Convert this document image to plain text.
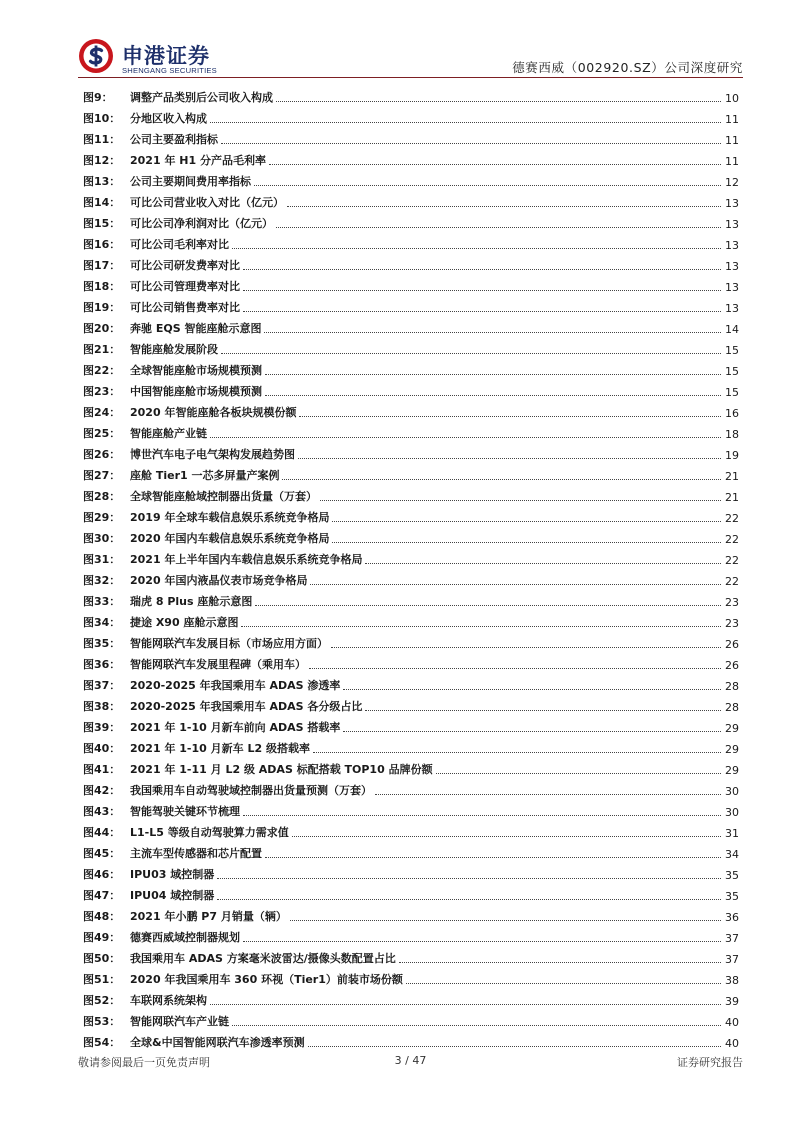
申港证券
SHENGANG SECURITIES	德赛西威（002920.SZ）公司深度研究
图9：	调整产品类别后公司收入构成	10
图10： 分地区收入构成	11
图11： 公司主要盈利指标	11
图12： 2021 年 H1 分产品毛利率	11
图13： 公司主要期间费用率指标	12
图14： 可比公司营业收入对比（亿元）	13
图15： 可比公司净利润对比（亿元）	13
图16： 可比公司毛利率对比	13
图17： 可比公司研发费率对比	13
图18： 可比公司管理费率对比	13
图19： 可比公司销售费率对比	13
图20： 奔驰 EQS 智能座舱示意图	14
图21： 智能座舱发展阶段	15
图22： 全球智能座舱市场规模预测	15
图23： 中国智能座舱市场规模预测	15
图24： 2020 年智能座舱各板块规模份额	16
图25： 智能座舱产业链	18
图26： 博世汽车电子电气架构发展趋势图	19
图27： 座舱 Tier1 一芯多屏量产案例	21
图28： 全球智能座舱域控制器出货量（万套）	21
图29： 2019 年全球车载信息娱乐系统竞争格局	22
图30： 2020 年国内车载信息娱乐系统竞争格局	22
图31： 2021 年上半年国内车载信息娱乐系统竞争格局	22
图32： 2020 年国内液晶仪表市场竞争格局	22
图33： 瑞虎 8 Plus 座舱示意图	23
图34： 捷途 X90 座舱示意图	23
图35： 智能网联汽车发展目标（市场应用方面）	26
图36： 智能网联汽车发展里程碑（乘用车）	26
图37： 2020-2025 年我国乘用车 ADAS 渗透率	28
图38： 2020-2025 年我国乘用车 ADAS 各分级占比	28
图39： 2021 年 1-10 月新车前向 ADAS 搭载率	29
图40： 2021 年 1-10 月新车 L2 级搭载率	29
图41： 2021 年 1-11 月 L2 级 ADAS 标配搭载 TOP10 品牌份额	29
图42： 我国乘用车自动驾驶域控制器出货量预测（万套）	30
图43： 智能驾驶关键环节梳理	30
图44： L1-L5 等级自动驾驶算力需求值	31
图45： 主流车型传感器和芯片配置	34
图46： IPU03 域控制器	35
图47： IPU04 域控制器	35
图48： 2021 年小鹏 P7 月销量（辆）	36
图49： 德赛西威域控制器规划	37
图50： 我国乘用车 ADAS 方案毫米波雷达/摄像头数配置占比	37
图51： 2020 年我国乘用车 360 环视（Tier1）前装市场份额	38
图52： 车联网系统架构	39
图53： 智能网联汽车产业链	40
图54： 全球&中国智能网联汽车渗透率预测	40
敬请参阅最后一页免责声明	3 / 47	证券研究报告
